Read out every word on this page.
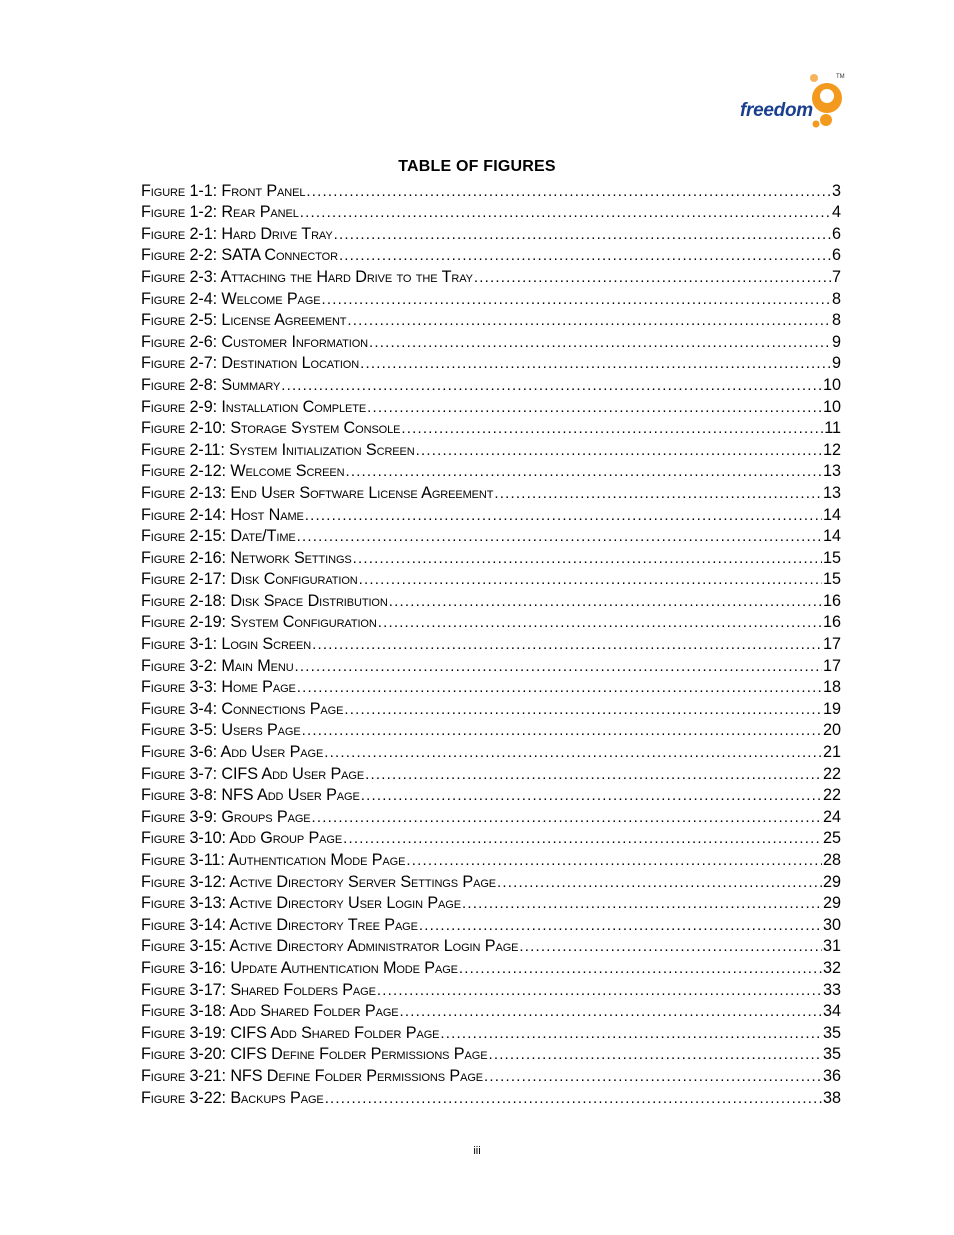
freedom
TM
TABLE OF FIGURES
Figure 1-1: Front Panel .....	3
Figure 1-2: Rear Panel .....	4
Figure 2-1: Hard Drive Tray .....	6
Figure 2-2: SATA Connector .....	6
Figure 2-3: Attaching the Hard Drive to the Tray .....	7
Figure 2-4: Welcome Page .....	8
Figure 2-5: License Agreement .....	8
Figure 2-6: Customer Information .....	9
Figure 2-7: Destination Location .....	9
Figure 2-8: Summary .....	10
Figure 2-9: Installation Complete .....	10
Figure 2-10: Storage System Console .....	11
Figure 2-11: System Initialization Screen .....	12
Figure 2-12: Welcome Screen .....	13
Figure 2-13: End User Software License Agreement .....	13
Figure 2-14: Host Name .....	14
Figure 2-15: Date/Time .....	14
Figure 2-16: Network Settings .....	15
Figure 2-17: Disk Configuration .....	15
Figure 2-18: Disk Space Distribution .....	16
Figure 2-19: System Configuration .....	16
Figure 3-1: Login Screen .....	17
Figure 3-2: Main Menu .....	17
Figure 3-3: Home Page .....	18
Figure 3-4: Connections Page .....	19
Figure 3-5: Users Page .....	20
Figure 3-6: Add User Page .....	21
Figure 3-7: CIFS Add User Page .....	22
Figure 3-8: NFS Add User Page .....	22
Figure 3-9: Groups Page .....	24
Figure 3-10: Add Group Page .....	25
Figure 3-11: Authentication Mode Page .....	28
Figure 3-12: Active Directory Server Settings Page .....	29
Figure 3-13: Active Directory User Login Page .....	29
Figure 3-14: Active Directory Tree Page .....	30
Figure 3-15: Active Directory Administrator Login Page .....	31
Figure 3-16: Update Authentication Mode Page .....	32
Figure 3-17: Shared Folders Page .....	33
Figure 3-18: Add Shared Folder Page .....	34
Figure 3-19: CIFS Add Shared Folder Page .....	35
Figure 3-20: CIFS Define Folder Permissions Page .....	35
Figure 3-21: NFS Define Folder Permissions Page .....	36
Figure 3-22: Backups Page .....	38
iii
